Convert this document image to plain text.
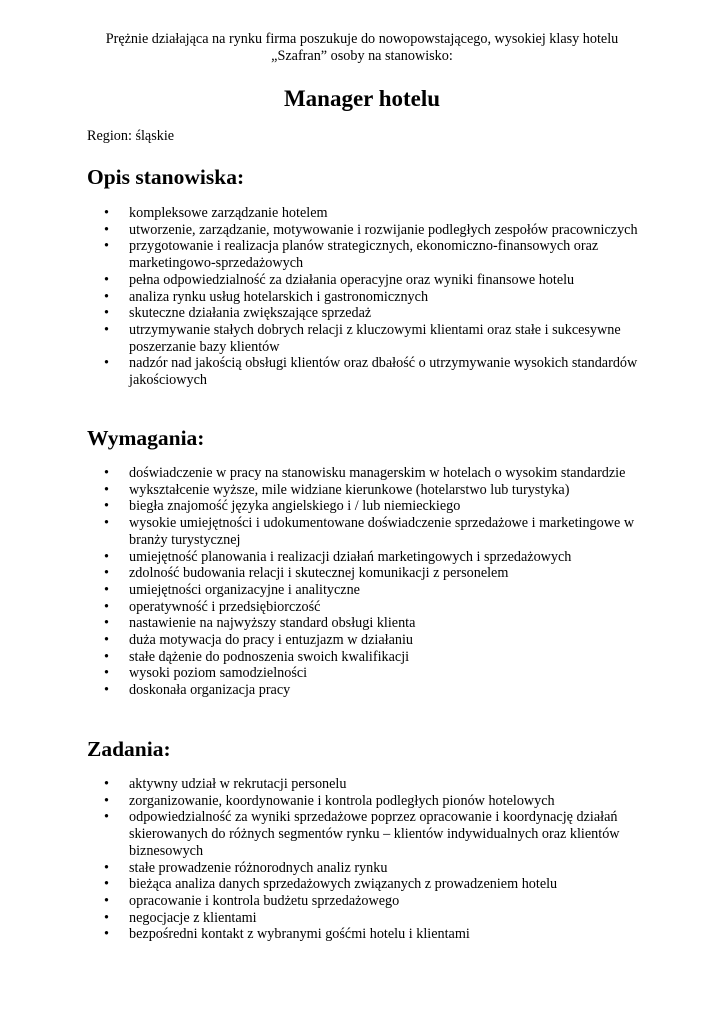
Prężnie działająca na rynku firma poszukuje do nowopowstającego, wysokiej klasy hotelu
„Szafran” osoby na stanowisko:
Manager hotelu
Region: śląskie
Opis stanowiska:
• kompleksowe zarządzanie hotelem
• utworzenie, zarządzanie, motywowanie i rozwijanie podległych zespołów pracowniczych
• przygotowanie i realizacja planów strategicznych, ekonomiczno-finansowych oraz marketingowo-sprzedażowych
• pełna odpowiedzialność za działania operacyjne oraz wyniki finansowe hotelu
• analiza rynku usług hotelarskich i gastronomicznych
• skuteczne działania zwiększające sprzedaż
• utrzymywanie stałych dobrych relacji z kluczowymi klientami oraz stałe i sukcesywne poszerzanie bazy klientów
• nadzór nad jakością obsługi klientów oraz dbałość o utrzymywanie wysokich standardów jakościowych
Wymagania:
• doświadczenie w pracy na stanowisku managerskim w hotelach o wysokim standardzie
• wykształcenie wyższe, mile widziane kierunkowe (hotelarstwo lub turystyka)
• biegła znajomość języka angielskiego i / lub niemieckiego
• wysokie umiejętności i udokumentowane doświadczenie sprzedażowe i marketingowe w branży turystycznej
• umiejętność planowania i realizacji działań marketingowych i sprzedażowych
• zdolność budowania relacji i skutecznej komunikacji z personelem
• umiejętności organizacyjne i analityczne
• operatywność i przedsiębiorczość
• nastawienie na najwyższy standard obsługi klienta
• duża motywacja do pracy i entuzjazm w działaniu
• stałe dążenie do podnoszenia swoich kwalifikacji
• wysoki poziom samodzielności
• doskonała organizacja pracy
Zadania:
• aktywny udział w rekrutacji personelu
• zorganizowanie, koordynowanie i kontrola podległych pionów hotelowych
• odpowiedzialność za wyniki sprzedażowe poprzez opracowanie i koordynację działań skierowanych do różnych segmentów rynku – klientów indywidualnych oraz klientów biznesowych
• stałe prowadzenie różnorodnych analiz rynku
• bieżąca analiza danych sprzedażowych związanych z prowadzeniem hotelu
• opracowanie i kontrola budżetu sprzedażowego
• negocjacje z klientami
• bezpośredni kontakt z wybranymi gośćmi hotelu i klientami
